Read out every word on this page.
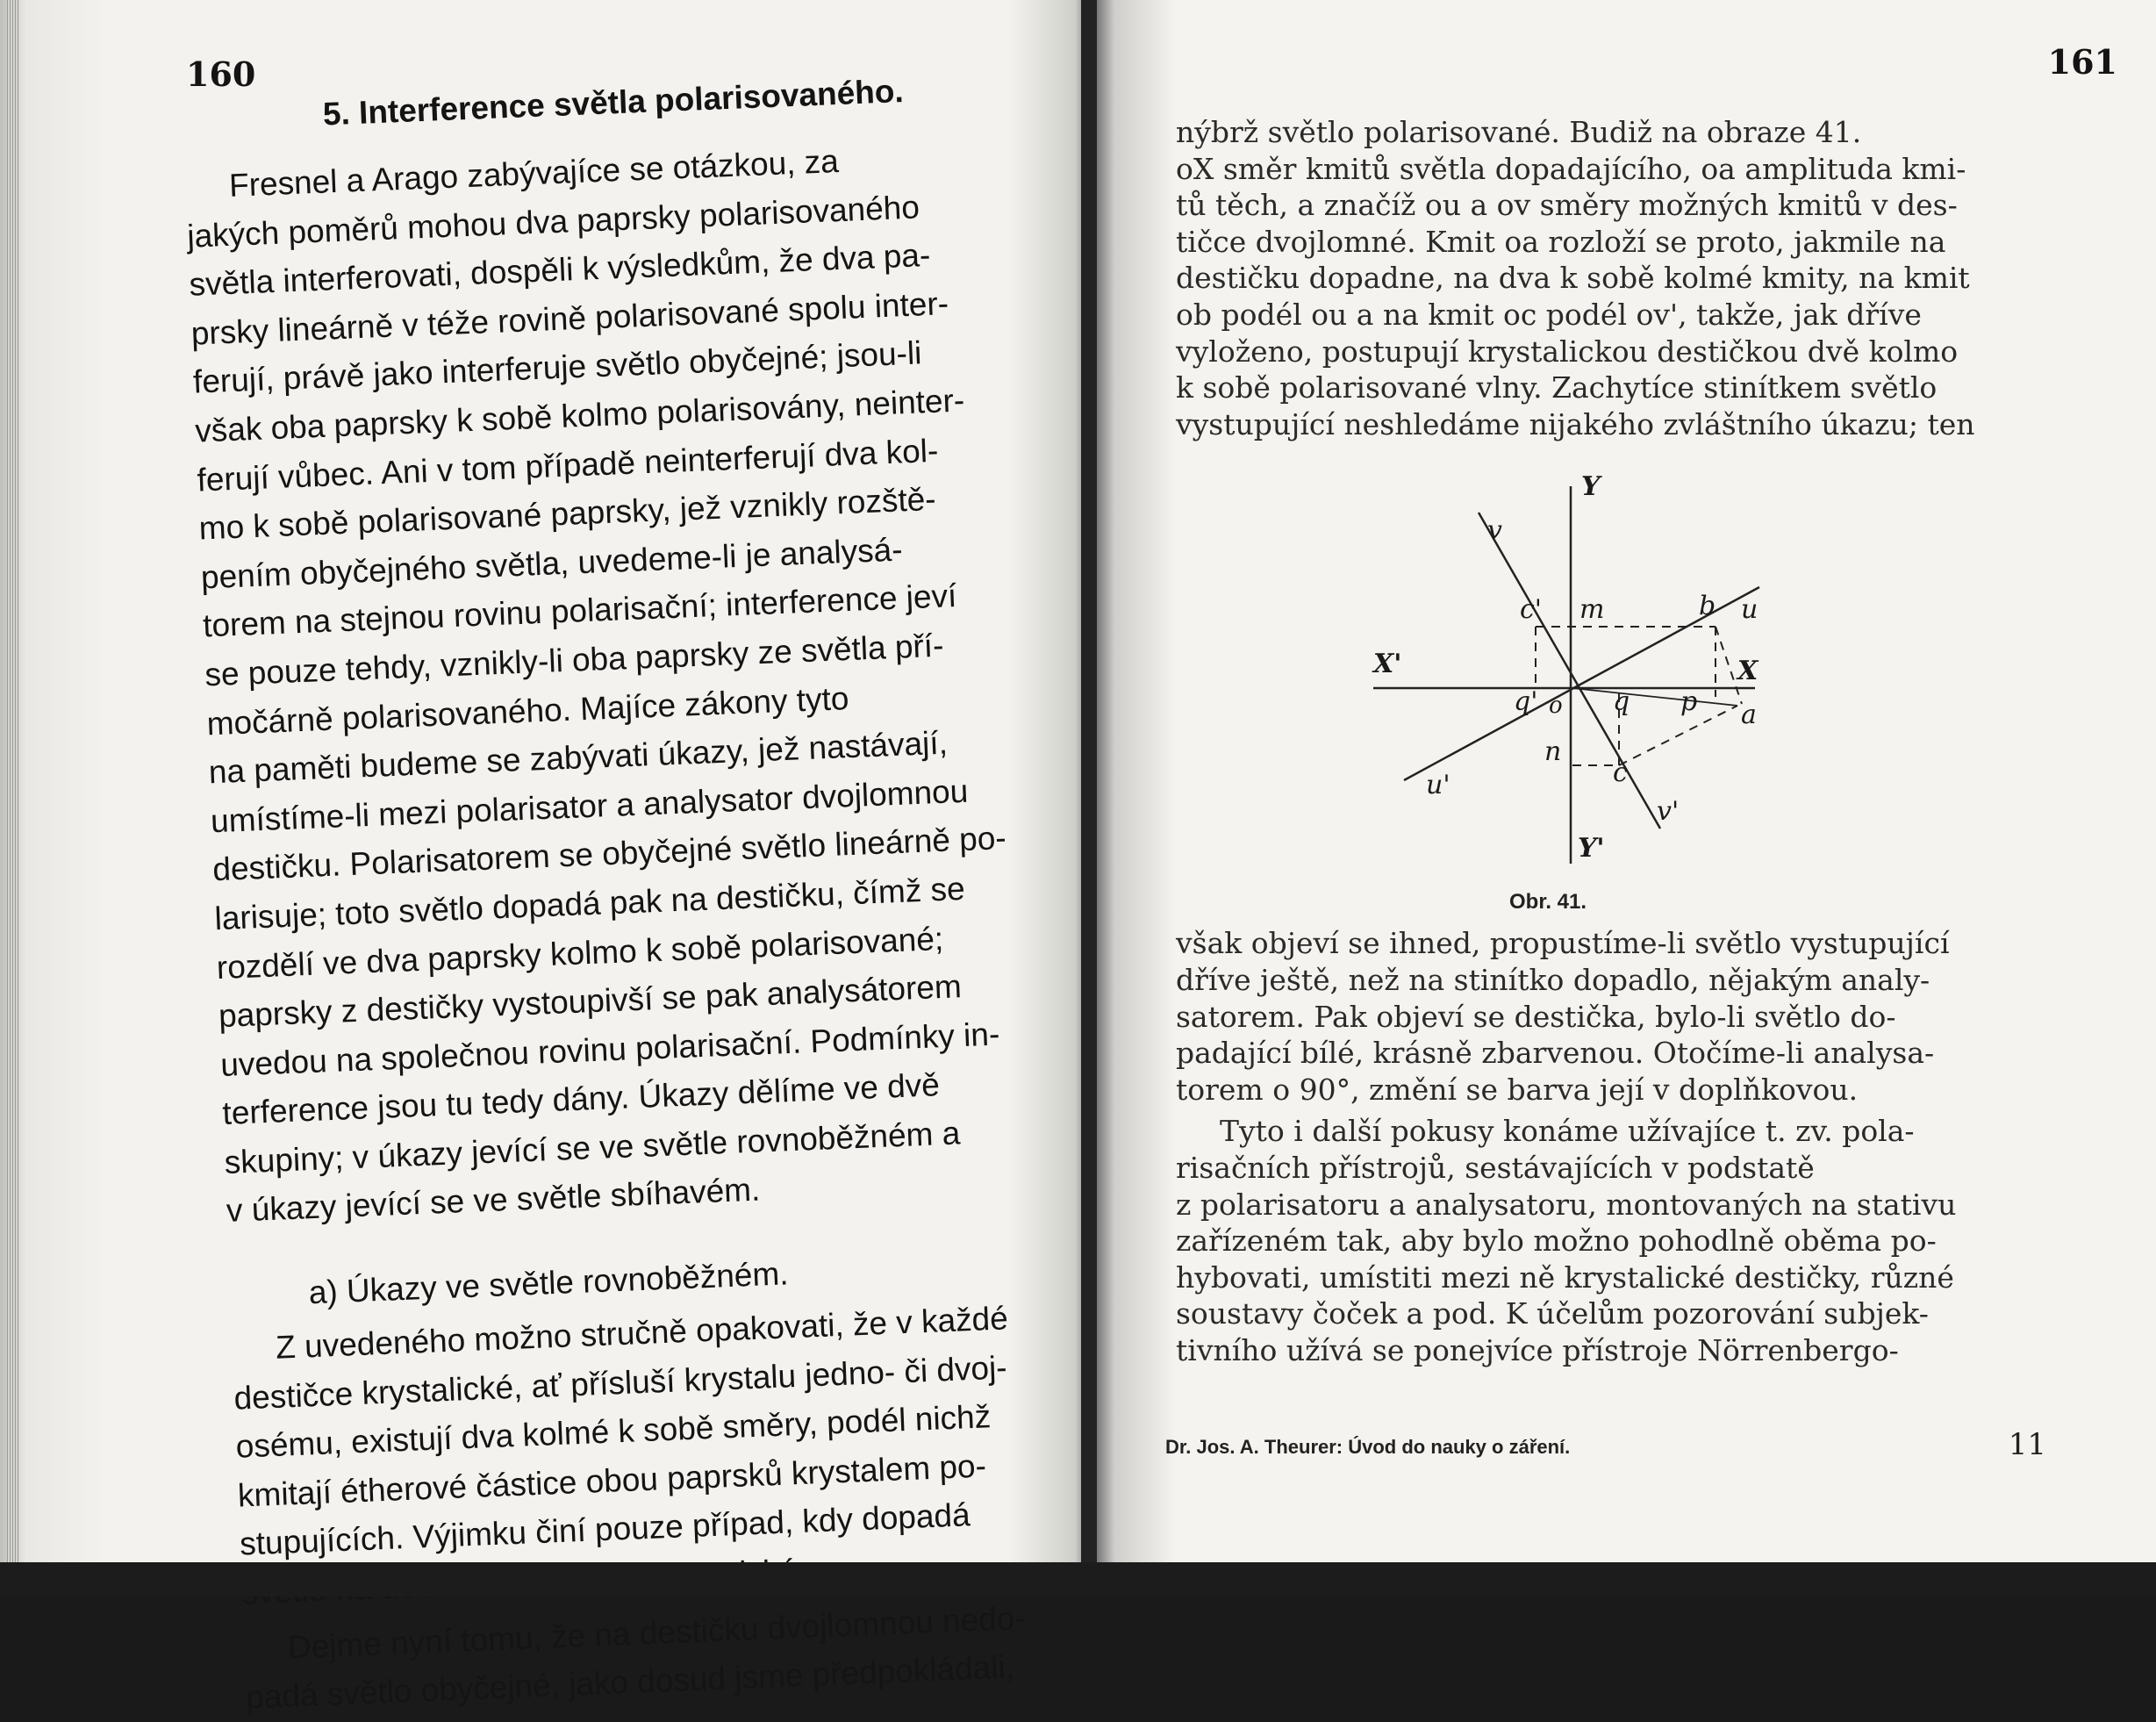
160 5. Interference světla polarisovaného.
Fresnel a Arago zabývajíce se otázkou, za
jakých poměrů mohou dva paprsky polarisovaného
světla interferovati, dospěli k výsledkům, že dva pa-
prsky lineárně v téže rovině polarisované spolu inter-
ferují, právě jako interferuje světlo obyčejné; jsou-li
však oba paprsky k sobě kolmo polarisovány, neinter-
ferují vůbec. Ani v tom případě neinterferují dva kol-
mo k sobě polarisované paprsky, jež vznikly rozště-
pením obyčejného světla, uvedeme-li je analysá-
torem na stejnou rovinu polarisační; interference jeví
se pouze tehdy, vznikly-li oba paprsky ze světla pří-
močárně polarisovaného. Majíce zákony tyto
na paměti budeme se zabývati úkazy, jež nastávají,
umístíme-li mezi polarisator a analysator dvojlomnou
destičku. Polarisatorem se obyčejné světlo lineárně po-
larisuje; toto světlo dopadá pak na destičku, čímž se
rozdělí ve dva paprsky kolmo k sobě polarisované;
paprsky z destičky vystoupivší se pak analysátorem
uvedou na společnou rovinu polarisační. Podmínky in-
terference jsou tu tedy dány. Úkazy dělíme ve dvě
skupiny; v úkazy jevící se ve světle rovnoběžném a
v úkazy jevící se ve světle sbíhavém.
a) Úkazy ve světle rovnoběžném.
Z uvedeného možno stručně opakovati, že v každé
destičce krystalické, ať přísluší krystalu jedno- či dvoj-
osému, existují dva kolmé k sobě směry, podél nichž
kmitají étherové částice obou paprsků krystalem po-
stupujících. Výjimku činí pouze případ, kdy dopadá
Dejme nyní tomu, že na destičku dvojlomnou nedo-
padá světlo obyčejné, jako dosud jsme předpokládali,
161
nýbrž světlo polarisované. Budiž na obraze 41.
oX směr kmitů světla dopadajícího, oa amplituda kmi-
tů těch, a značíž ou a ov směry možných kmitů v des-
tičce dvojlomné. Kmit oa rozloží se proto, jakmile na
destičku dopadne, na dva k sobě kolmé kmity, na kmit
ob podél ou a na kmit oc podél ov', takže, jak dříve
vyloženo, postupují krystalickou destičkou dvě kolmo
k sobě polarisované vlny. Zachytíce stinítkem světlo
vystupující neshledáme nijakého zvláštního úkazu; ten
Y
Y'
X
X'
v
v'
u
u'
o
m	b
a
c
c'
n
p
q
q'
Obr. 41.
však objeví se ihned, propustíme-li světlo vystupující
dříve ještě, než na stinítko dopadlo, nějakým analy-
satorem. Pak objeví se destička, bylo-li světlo do-
padající bílé, krásně zbarvenou. Otočíme-li analysa-
torem o 90°, změní se barva její v doplňkovou.
Tyto i další pokusy konáme užívajíce t. zv. pola-
risačních přístrojů, sestávajících v podstatě
z polarisatoru a analysatoru, montovaných na stativu
zařízeném tak, aby bylo možno pohodlně oběma po-
hybovati, umístiti mezi ně krystalické destičky, různé
soustavy čoček a pod. K účelům pozorování subjek-
tivního užívá se ponejvíce přístroje Nörrenbergo-
Dr. Jos. A. Theurer: Úvod do nauky o záření.	11
